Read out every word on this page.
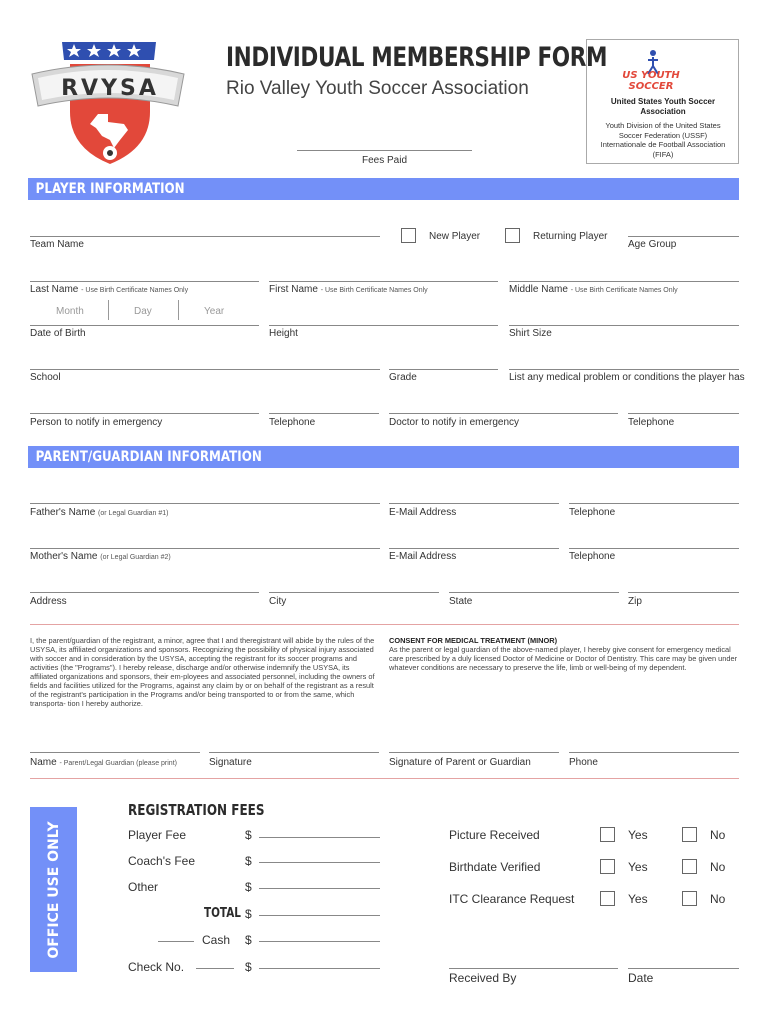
RVYSA
INDIVIDUAL MEMBERSHIP FORM
Rio Valley Youth Soccer Association
Fees Paid
US YOUTH SOCCER
United States Youth Soccer Association
Youth Division of the United States Soccer Federation (USSF) Internationale de Football Association (FIFA)
PLAYER INFORMATION
Team Name
New Player	Returning Player
Age Group
Last Name - Use Birth Certificate Names Only	First Name - Use Birth Certificate Names Only	Middle Name - Use Birth Certificate Names Only
Month	Day	Year
Date of Birth	Height	Shirt Size
School	Grade	List any medical problem or conditions the player has
Person to notify in emergency	Telephone	Doctor to notify in emergency	Telephone
PARENT/GUARDIAN INFORMATION
Father's Name (or Legal Guardian #1)	E-Mail Address	Telephone
Mother's Name (or Legal Guardian #2)	E-Mail Address	Telephone
Address	City	State	Zip
I, the parent/guardian of the registrant, a minor, agree that I and theregistrant will abide by the rules of the USYSA, its affiliated organizations and sponsors. Recognizing the possibility of physical injury associated with soccer and in consideration by the USYSA, accepting the registrant for its soccer programs and activities (the "Programs"). I hereby release, discharge and/or otherwise indemnify the USYSA, its affiliated organizations and sponsors, their em-ployees and associated personnel, including the owners of fields and facilities utilized for the Programs, against any claim by or on behalf of the registrant as a result of the registrant's participation in the Programs and/or being transported to or from the same, which transporta- tion I hereby authorize.
CONSENT FOR MEDICAL TREATMENT (MINOR)
As the parent or legal guardian of the above-named player, I hereby give consent for emergency medical care prescribed by a duly licensed Doctor of Medicine or Doctor of Dentistry. This care may be given under whatever conditions are necessary to preserve the life, limb or well-being of my dependent.
Name - Parent/Legal Guardian (please print)	Signature	Signature of Parent or Guardian	Phone
OFFICE USE ONLY
REGISTRATION FEES
Player Fee	$
Coach's Fee	$
Other	$
TOTAL $
Cash $
Check No.	$
Picture Received	Yes	No
Birthdate Verified	Yes	No
ITC Clearance Request	Yes	No
Received By	Date
